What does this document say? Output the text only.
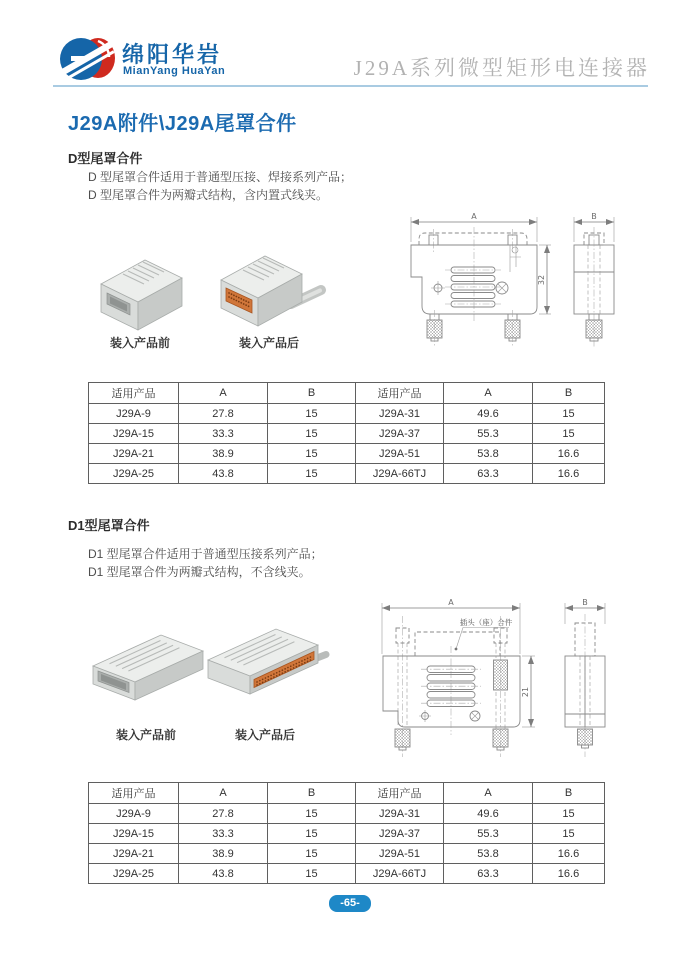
绵阳华岩
MianYang HuaYan	J29A系列微型矩形电连接器
J29A附件\J29A尾罩合件
D型尾罩合件
D 型尾罩合件适用于普通型压接、焊接系列产品；
D 型尾罩合件为两瓣式结构，含内置式线夹。
装入产品前	装入产品后
A
32
B
适用产品	A	B	适用产品	A	B
J29A-9	27.8	15	J29A-31	49.6	15
J29A-15	33.3	15	J29A-37	55.3	15
J29A-21	38.9	15	J29A-51	53.8	16.6
J29A-25	43.8	15	J29A-66TJ	63.3	16.6
D1型尾罩合件
D1 型尾罩合件适用于普通型压接系列产品；
D1 型尾罩合件为两瓣式结构，不含线夹。
装入产品前	装入产品后
A
插头（座）合件
21
B
适用产品	A	B	适用产品	A	B
J29A-9	27.8	15	J29A-31	49.6	15
J29A-15	33.3	15	J29A-37	55.3	15
J29A-21	38.9	15	J29A-51	53.8	16.6
J29A-25	43.8	15	J29A-66TJ	63.3	16.6
-65-
